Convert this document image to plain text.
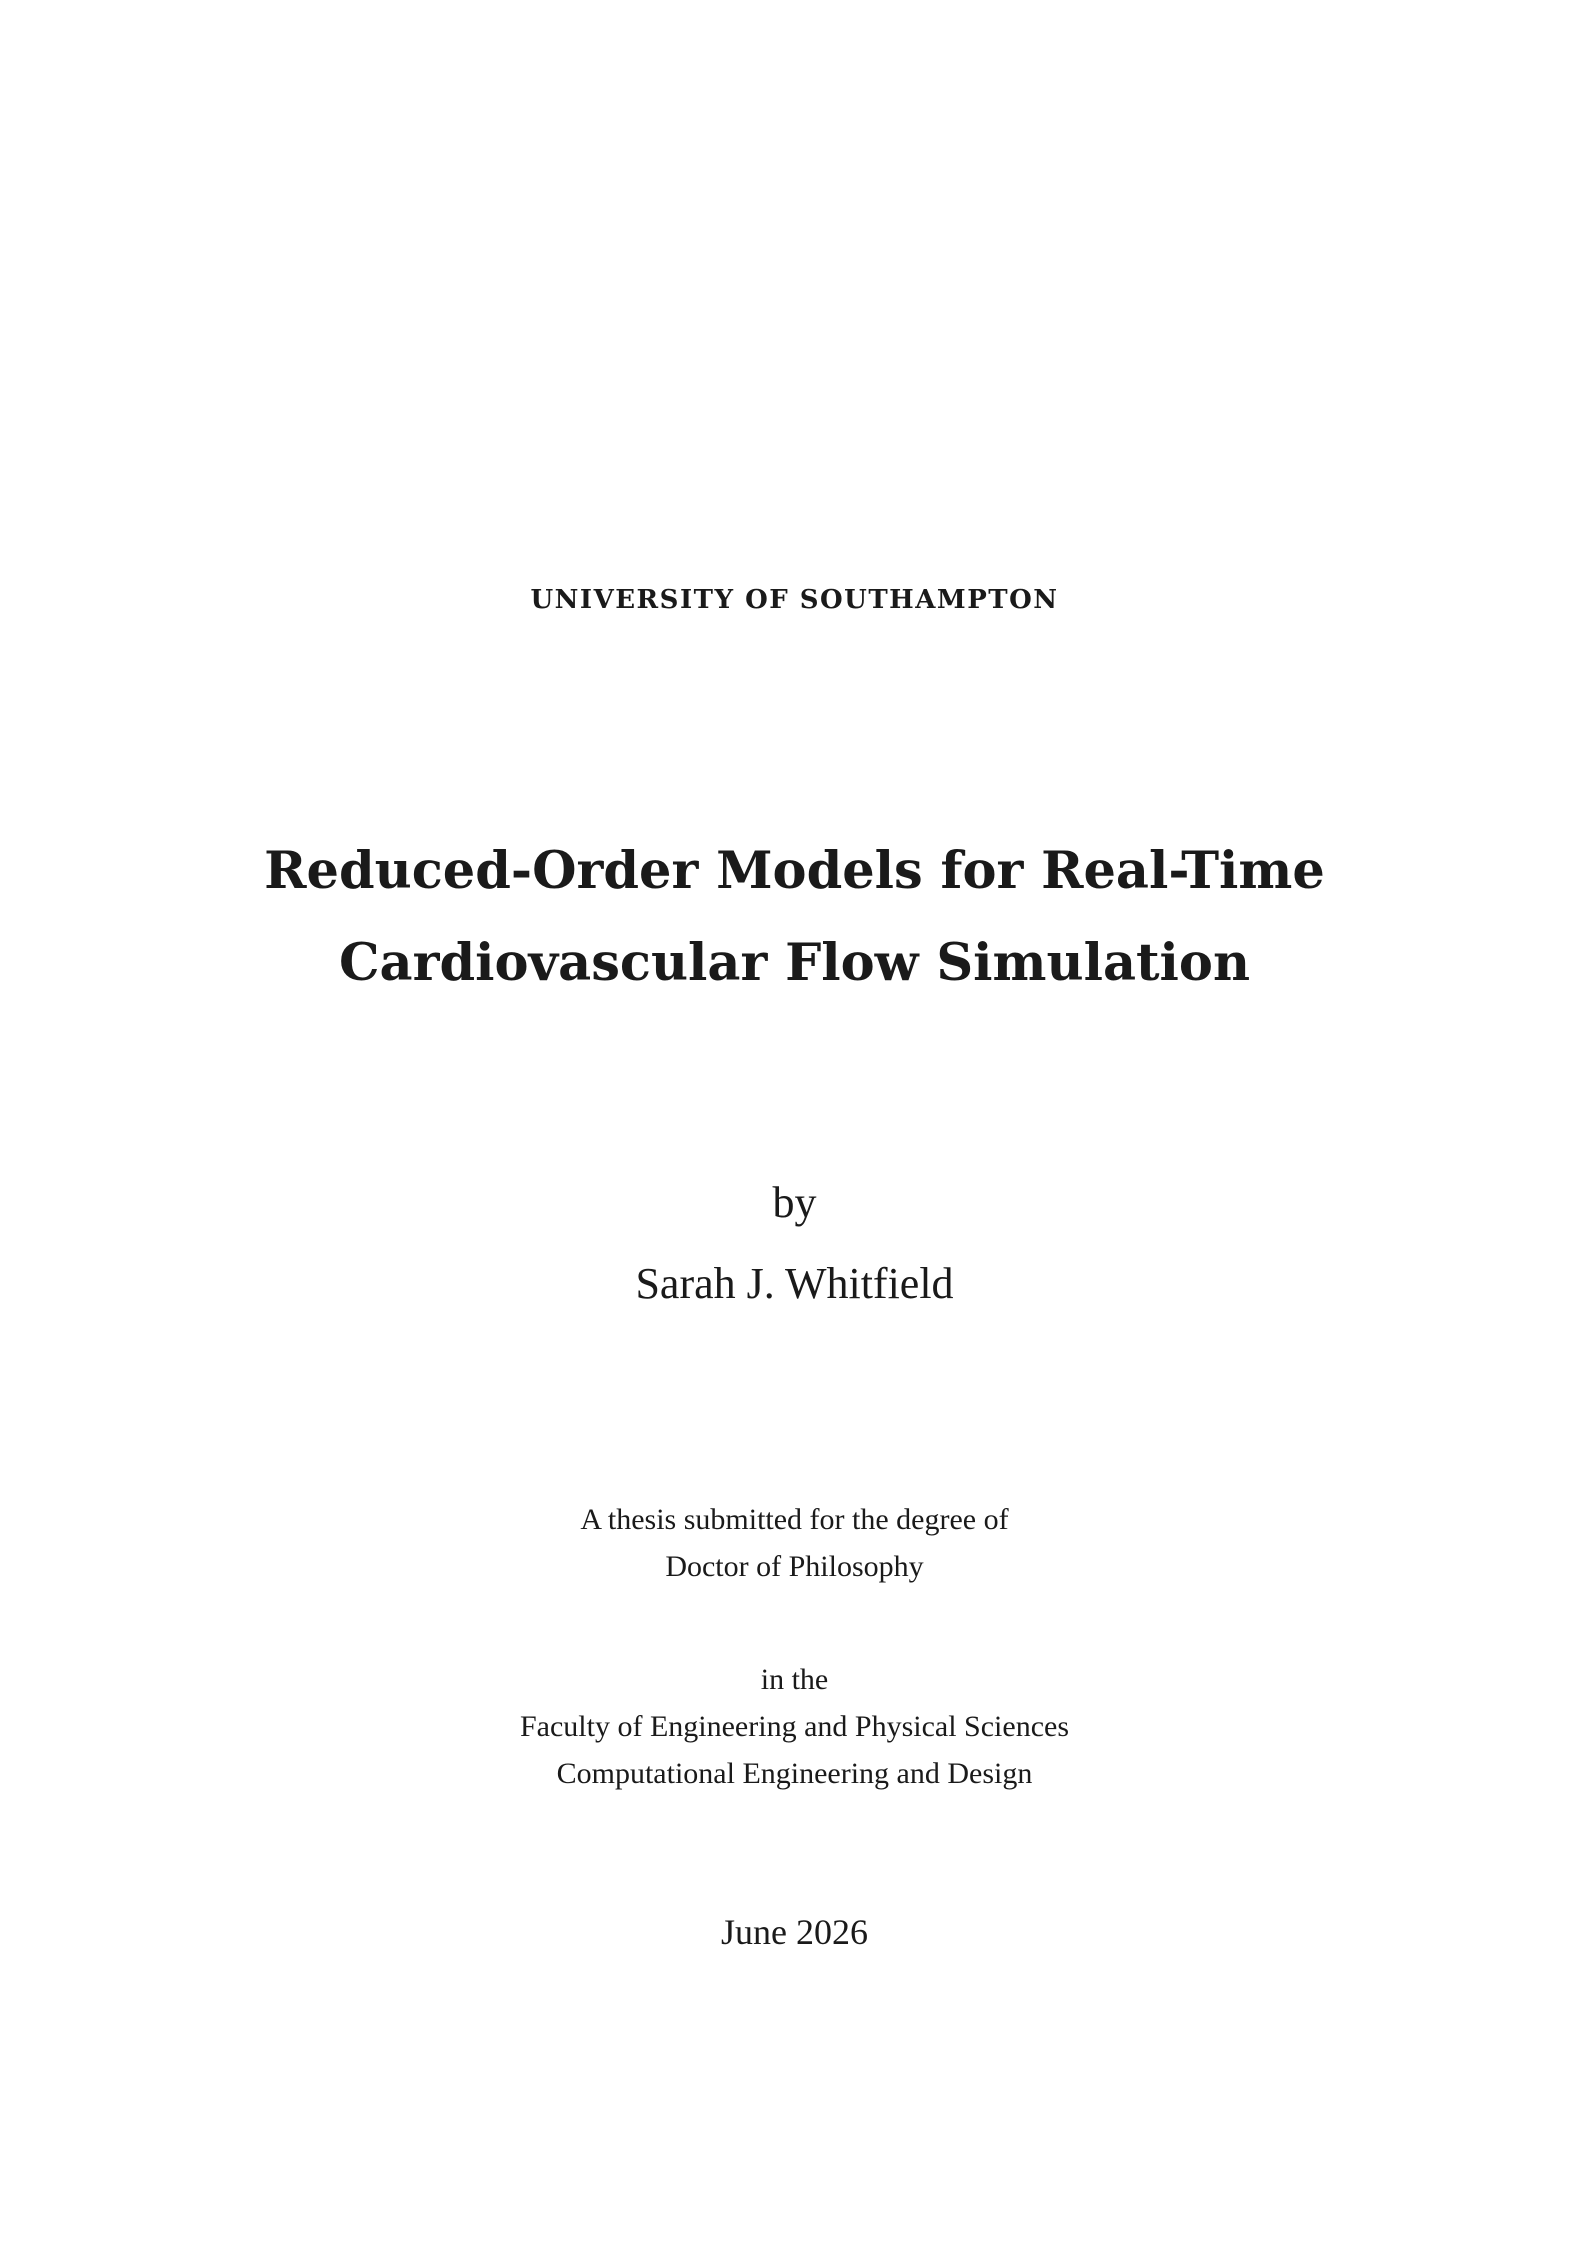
UNIVERSITY OF SOUTHAMPTON
Reduced-Order Models for Real-Time
Cardiovascular Flow Simulation
by
Sarah J. Whitfield
A thesis submitted for the degree of
Doctor of Philosophy
in the
Faculty of Engineering and Physical Sciences
Computational Engineering and Design
June 2026
